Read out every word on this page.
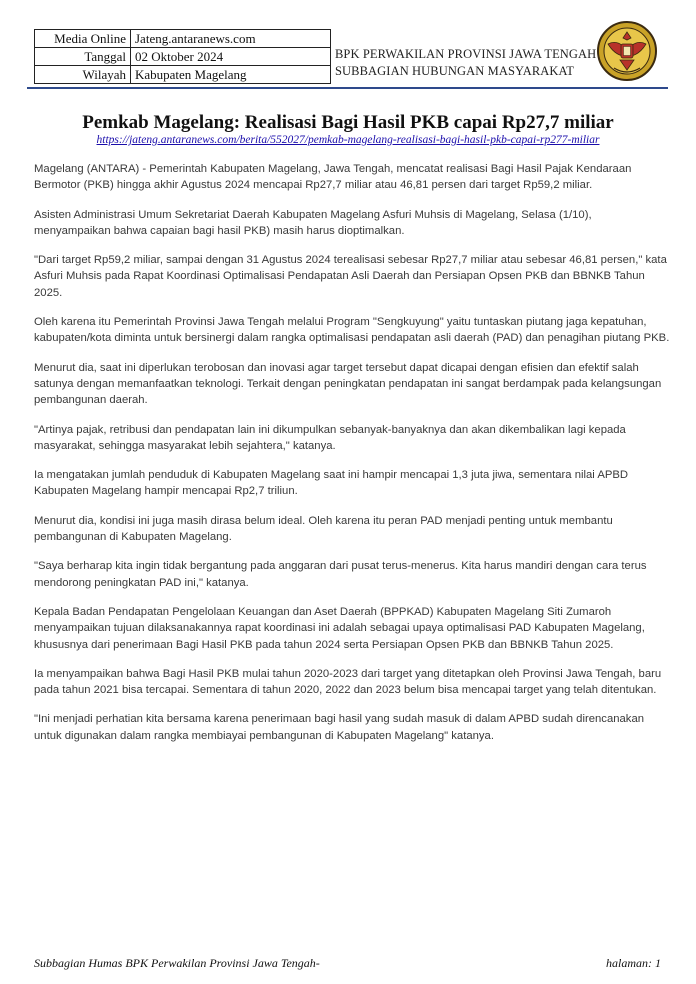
Media Online	Jateng.antaranews.com
Tanggal	02 Oktober 2024
Wilayah	Kabupaten Magelang
BPK PERWAKILAN PROVINSI JAWA TENGAH
SUBBAGIAN HUBUNGAN MASYARAKAT
Pemkab Magelang: Realisasi Bagi Hasil PKB capai Rp27,7 miliar
https://jateng.antaranews.com/berita/552027/pemkab-magelang-realisasi-bagi-hasil-pkb-capai-rp277-miliar

Magelang (ANTARA) - Pemerintah Kabupaten Magelang, Jawa Tengah, mencatat realisasi Bagi Hasil Pajak Kendaraan Bermotor (PKB) hingga akhir Agustus 2024 mencapai Rp27,7 miliar atau 46,81 persen dari target Rp59,2 miliar.

Asisten Administrasi Umum Sekretariat Daerah Kabupaten Magelang Asfuri Muhsis di Magelang, Selasa (1/10), menyampaikan bahwa capaian bagi hasil PKB) masih harus dioptimalkan.

"Dari target Rp59,2 miliar, sampai dengan 31 Agustus 2024 terealisasi sebesar Rp27,7 miliar atau sebesar 46,81 persen," kata Asfuri Muhsis pada Rapat Koordinasi Optimalisasi Pendapatan Asli Daerah dan Persiapan Opsen PKB dan BBNKB Tahun 2025.

Oleh karena itu Pemerintah Provinsi Jawa Tengah melalui Program "Sengkuyung" yaitu tuntaskan piutang jaga kepatuhan, kabupaten/kota diminta untuk bersinergi dalam rangka optimalisasi pendapatan asli daerah (PAD) dan penagihan piutang PKB.

Menurut dia, saat ini diperlukan terobosan dan inovasi agar target tersebut dapat dicapai dengan efisien dan efektif salah satunya dengan memanfaatkan teknologi. Terkait dengan peningkatan pendapatan ini sangat berdampak pada kelangsungan pembangunan daerah.

"Artinya pajak, retribusi dan pendapatan lain ini dikumpulkan sebanyak-banyaknya dan akan dikembalikan lagi kepada masyarakat, sehingga masyarakat lebih sejahtera," katanya.

Ia mengatakan jumlah penduduk di Kabupaten Magelang saat ini hampir mencapai 1,3 juta jiwa, sementara nilai APBD Kabupaten Magelang hampir mencapai Rp2,7 triliun.

Menurut dia, kondisi ini juga masih dirasa belum ideal. Oleh karena itu peran PAD menjadi penting untuk membantu pembangunan di Kabupaten Magelang.

"Saya berharap kita ingin tidak bergantung pada anggaran dari pusat terus-menerus. Kita harus mandiri dengan cara terus mendorong peningkatan PAD ini," katanya.

Kepala Badan Pendapatan Pengelolaan Keuangan dan Aset Daerah (BPPKAD) Kabupaten Magelang Siti Zumaroh menyampaikan tujuan dilaksanakannya rapat koordinasi ini adalah sebagai upaya optimalisasi PAD Kabupaten Magelang, khususnya dari penerimaan Bagi Hasil PKB pada tahun 2024 serta Persiapan Opsen PKB dan BBNKB Tahun 2025.

Ia menyampaikan bahwa Bagi Hasil PKB mulai tahun 2020-2023 dari target yang ditetapkan oleh Provinsi Jawa Tengah, baru pada tahun 2021 bisa tercapai. Sementara di tahun 2020, 2022 dan 2023 belum bisa mencapai target yang telah ditentukan.

"Ini menjadi perhatian kita bersama karena penerimaan bagi hasil yang sudah masuk di dalam APBD sudah direncanakan untuk digunakan dalam rangka membiayai pembangunan di Kabupaten Magelang" katanya.

Subbagian Humas BPK Perwakilan Provinsi Jawa Tengah-	halaman: 1
